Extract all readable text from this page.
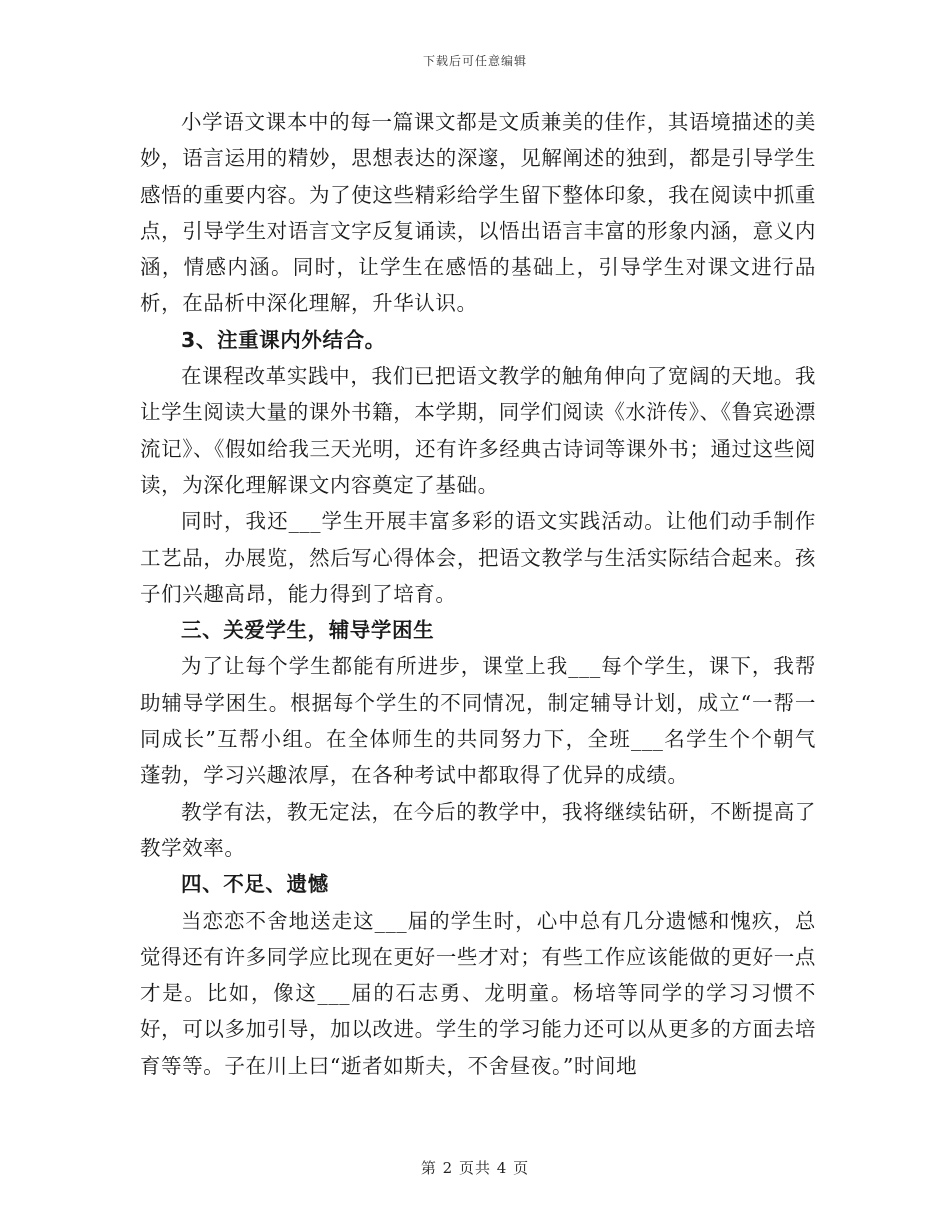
下载后可任意编辑

小学语文课本中的每一篇课文都是文质兼美的佳作，其语境描述的美妙，语言运用的精妙，思想表达的深邃，见解阐述的独到，都是引导学生感悟的重要内容。为了使这些精彩给学生留下整体印象，我在阅读中抓重点，引导学生对语言文字反复诵读，以悟出语言丰富的形象内涵，意义内涵，情感内涵。同时，让学生在感悟的基础上，引导学生对课文进行品析，在品析中深化理解，升华认识。

3、注重课内外结合。

在课程改革实践中，我们已把语文教学的触角伸向了宽阔的天地。我让学生阅读大量的课外书籍，本学期，同学们阅读《水浒传》、《鲁宾逊漂流记》、《假如给我三天光明，还有许多经典古诗词等课外书；通过这些阅读，为深化理解课文内容奠定了基础。

同时，我还___学生开展丰富多彩的语文实践活动。让他们动手制作工艺品，办展览，然后写心得体会，把语文教学与生活实际结合起来。孩子们兴趣高昂，能力得到了培育。

三、关爱学生，辅导学困生

为了让每个学生都能有所进步，课堂上我___每个学生，课下，我帮助辅导学困生。根据每个学生的不同情况，制定辅导计划，成立“一帮一同成长”互帮小组。在全体师生的共同努力下，全班___名学生个个朝气蓬勃，学习兴趣浓厚，在各种考试中都取得了优异的成绩。

教学有法，教无定法，在今后的教学中，我将继续钻研，不断提高了教学效率。

四、不足、遗憾

当恋恋不舍地送走这___届的学生时，心中总有几分遗憾和愧疚，总觉得还有许多同学应比现在更好一些才对；有些工作应该能做的更好一点才是。比如，像这___届的石志勇、龙明童。杨培等同学的学习习惯不好，可以多加引导，加以改进。学生的学习能力还可以从更多的方面去培育等等。子在川上曰“逝者如斯夫，不舍昼夜。”时间地

第 2 页共 4 页
